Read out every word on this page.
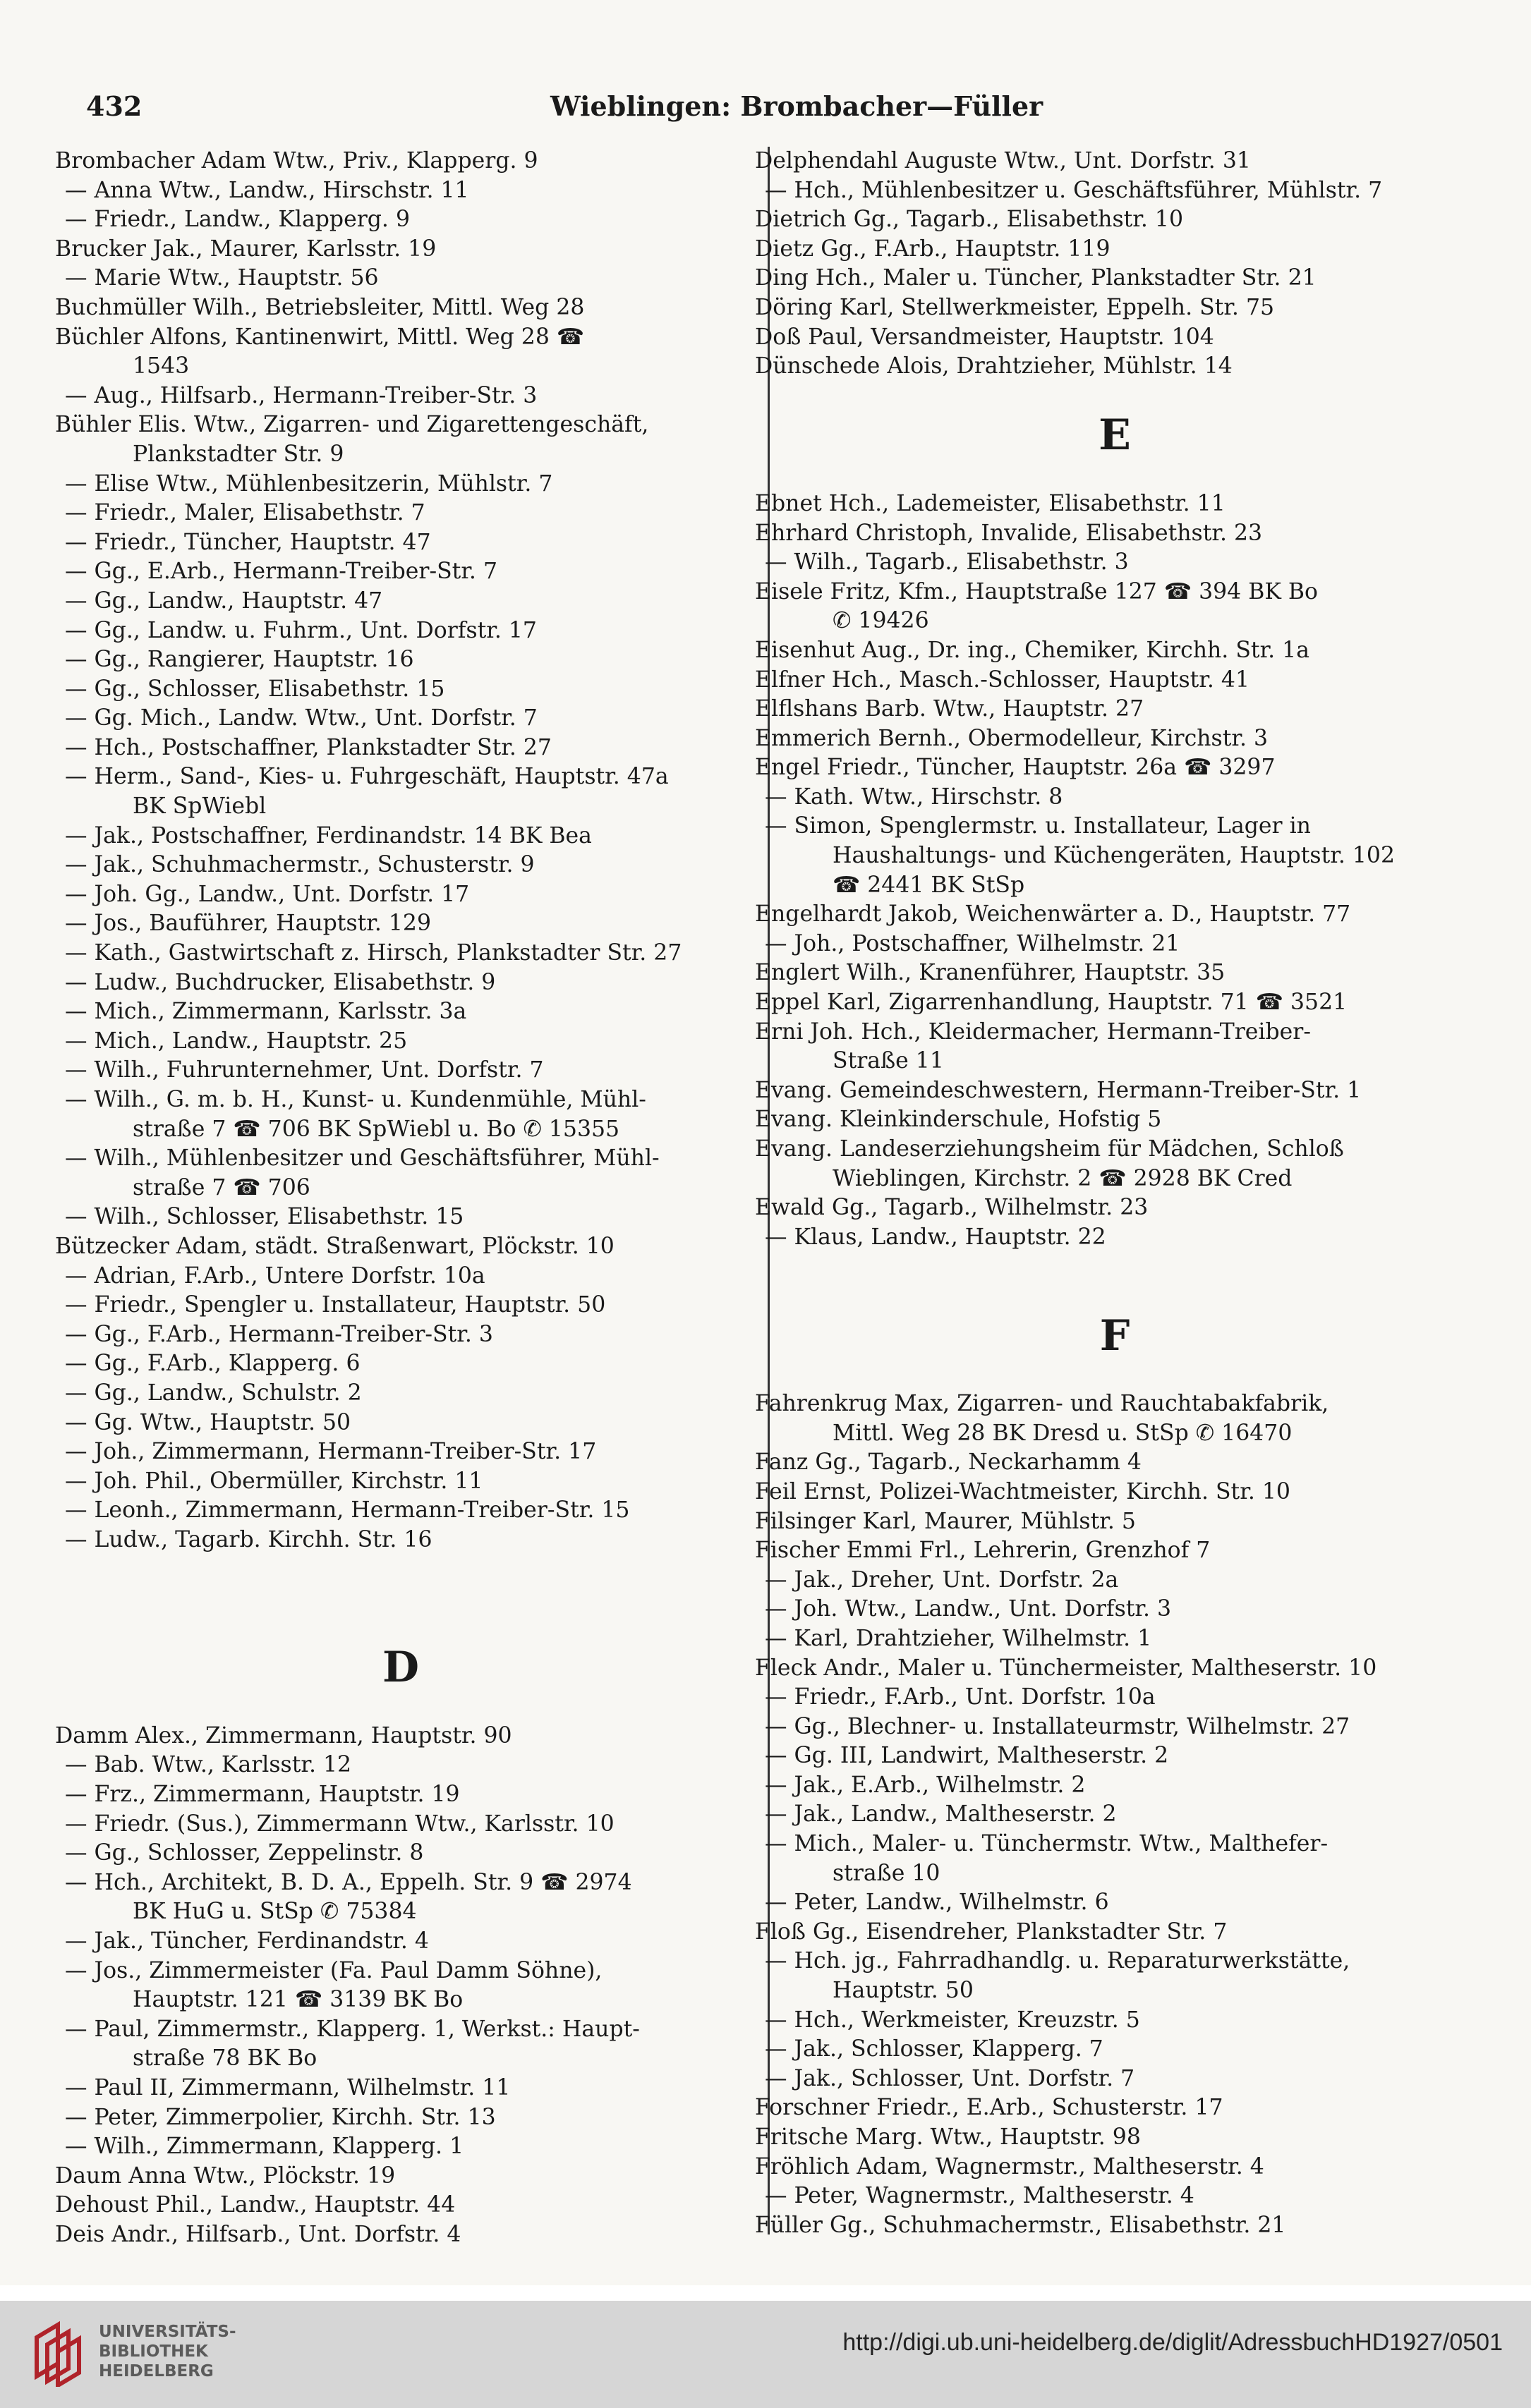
432	Wieblingen: Brombacher—Füller
Brombacher Adam Wtw., Priv., Klapperg. 9
— Anna Wtw., Landw., Hirschstr. 11
— Friedr., Landw., Klapperg. 9
Brucker Jak., Maurer, Karlsstr. 19
— Marie Wtw., Hauptstr. 56
Buchmüller Wilh., Betriebsleiter, Mittl. Weg 28
Büchler Alfons, Kantinenwirt, Mittl. Weg 28 ☎
1543
— Aug., Hilfsarb., Hermann-Treiber-Str. 3
Bühler Elis. Wtw., Zigarren- und Zigarettengeschäft,
Plankstadter Str. 9
— Elise Wtw., Mühlenbesitzerin, Mühlstr. 7
— Friedr., Maler, Elisabethstr. 7
— Friedr., Tüncher, Hauptstr. 47
— Gg., E.Arb., Hermann-Treiber-Str. 7
— Gg., Landw., Hauptstr. 47
— Gg., Landw. u. Fuhrm., Unt. Dorfstr. 17
— Gg., Rangierer, Hauptstr. 16
— Gg., Schlosser, Elisabethstr. 15
— Gg. Mich., Landw. Wtw., Unt. Dorfstr. 7
— Hch., Postschaffner, Plankstadter Str. 27
— Herm., Sand-, Kies- u. Fuhrgeschäft, Hauptstr. 47a
BK SpWiebl
— Jak., Postschaffner, Ferdinandstr. 14 BK Bea
— Jak., Schuhmachermstr., Schusterstr. 9
— Joh. Gg., Landw., Unt. Dorfstr. 17
— Jos., Bauführer, Hauptstr. 129
— Kath., Gastwirtschaft z. Hirsch, Plankstadter Str. 27
— Ludw., Buchdrucker, Elisabethstr. 9
— Mich., Zimmermann, Karlsstr. 3a
— Mich., Landw., Hauptstr. 25
— Wilh., Fuhrunternehmer, Unt. Dorfstr. 7
— Wilh., G. m. b. H., Kunst- u. Kundenmühle, Mühl-
straße 7 ☎ 706 BK SpWiebl u. Bo ✆ 15355
— Wilh., Mühlenbesitzer und Geschäftsführer, Mühl-
straße 7 ☎ 706
— Wilh., Schlosser, Elisabethstr. 15
Bützecker Adam, städt. Straßenwart, Plöckstr. 10
— Adrian, F.Arb., Untere Dorfstr. 10a
— Friedr., Spengler u. Installateur, Hauptstr. 50
— Gg., F.Arb., Hermann-Treiber-Str. 3
— Gg., F.Arb., Klapperg. 6
— Gg., Landw., Schulstr. 2
— Gg. Wtw., Hauptstr. 50
— Joh., Zimmermann, Hermann-Treiber-Str. 17
— Joh. Phil., Obermüller, Kirchstr. 11
— Leonh., Zimmermann, Hermann-Treiber-Str. 15
— Ludw., Tagarb. Kirchh. Str. 16
D
Damm Alex., Zimmermann, Hauptstr. 90
— Bab. Wtw., Karlsstr. 12
— Frz., Zimmermann, Hauptstr. 19
— Friedr. (Sus.), Zimmermann Wtw., Karlsstr. 10
— Gg., Schlosser, Zeppelinstr. 8
— Hch., Architekt, B. D. A., Eppelh. Str. 9 ☎ 2974
BK HuG u. StSp ✆ 75384
— Jak., Tüncher, Ferdinandstr. 4
— Jos., Zimmermeister (Fa. Paul Damm Söhne),
Hauptstr. 121 ☎ 3139 BK Bo
— Paul, Zimmermstr., Klapperg. 1, Werkst.: Haupt-
straße 78 BK Bo
— Paul II, Zimmermann, Wilhelmstr. 11
— Peter, Zimmerpolier, Kirchh. Str. 13
— Wilh., Zimmermann, Klapperg. 1
Daum Anna Wtw., Plöckstr. 19
Dehoust Phil., Landw., Hauptstr. 44
Deis Andr., Hilfsarb., Unt. Dorfstr. 4
Delphendahl Auguste Wtw., Unt. Dorfstr. 31
— Hch., Mühlenbesitzer u. Geschäftsführer, Mühlstr. 7
Dietrich Gg., Tagarb., Elisabethstr. 10
Dietz Gg., F.Arb., Hauptstr. 119
Ding Hch., Maler u. Tüncher, Plankstadter Str. 21
Döring Karl, Stellwerkmeister, Eppelh. Str. 75
Doß Paul, Versandmeister, Hauptstr. 104
Dünschede Alois, Drahtzieher, Mühlstr. 14
E
Ebnet Hch., Lademeister, Elisabethstr. 11
Ehrhard Christoph, Invalide, Elisabethstr. 23
— Wilh., Tagarb., Elisabethstr. 3
Eisele Fritz, Kfm., Hauptstraße 127 ☎ 394 BK Bo
✆ 19426
Eisenhut Aug., Dr. ing., Chemiker, Kirchh. Str. 1a
Elfner Hch., Masch.-Schlosser, Hauptstr. 41
Elflshans Barb. Wtw., Hauptstr. 27
Emmerich Bernh., Obermodelleur, Kirchstr. 3
Engel Friedr., Tüncher, Hauptstr. 26a ☎ 3297
— Kath. Wtw., Hirschstr. 8
— Simon, Spenglermstr. u. Installateur, Lager in
Haushaltungs- und Küchengeräten, Hauptstr. 102
☎ 2441 BK StSp
Engelhardt Jakob, Weichenwärter a. D., Hauptstr. 77
— Joh., Postschaffner, Wilhelmstr. 21
Englert Wilh., Kranenführer, Hauptstr. 35
Eppel Karl, Zigarrenhandlung, Hauptstr. 71 ☎ 3521
Erni Joh. Hch., Kleidermacher, Hermann-Treiber-
Straße 11
Evang. Gemeindeschwestern, Hermann-Treiber-Str. 1
Evang. Kleinkinderschule, Hofstig 5
Evang. Landeserziehungsheim für Mädchen, Schloß
Wieblingen, Kirchstr. 2 ☎ 2928 BK Cred
Ewald Gg., Tagarb., Wilhelmstr. 23
— Klaus, Landw., Hauptstr. 22
F
Fahrenkrug Max, Zigarren- und Rauchtabakfabrik,
Mittl. Weg 28 BK Dresd u. StSp ✆ 16470
Fanz Gg., Tagarb., Neckarhamm 4
Feil Ernst, Polizei-Wachtmeister, Kirchh. Str. 10
Filsinger Karl, Maurer, Mühlstr. 5
Fischer Emmi Frl., Lehrerin, Grenzhof 7
— Jak., Dreher, Unt. Dorfstr. 2a
— Joh. Wtw., Landw., Unt. Dorfstr. 3
— Karl, Drahtzieher, Wilhelmstr. 1
Fleck Andr., Maler u. Tünchermeister, Maltheserstr. 10
— Friedr., F.Arb., Unt. Dorfstr. 10a
— Gg., Blechner- u. Installateurmstr, Wilhelmstr. 27
— Gg. III, Landwirt, Maltheserstr. 2
— Jak., E.Arb., Wilhelmstr. 2
— Jak., Landw., Maltheserstr. 2
— Mich., Maler- u. Tünchermstr. Wtw., Malthefer-
straße 10
— Peter, Landw., Wilhelmstr. 6
Floß Gg., Eisendreher, Plankstadter Str. 7
— Hch. jg., Fahrradhandlg. u. Reparaturwerkstätte,
Hauptstr. 50
— Hch., Werkmeister, Kreuzstr. 5
— Jak., Schlosser, Klapperg. 7
— Jak., Schlosser, Unt. Dorfstr. 7
Forschner Friedr., E.Arb., Schusterstr. 17
Fritsche Marg. Wtw., Hauptstr. 98
Fröhlich Adam, Wagnermstr., Maltheserstr. 4
— Peter, Wagnermstr., Maltheserstr. 4
Füller Gg., Schuhmachermstr., Elisabethstr. 21
UNIVERSITÄTS-
BIBLIOTHEK
HEIDELBERG
http://digi.ub.uni-heidelberg.de/diglit/AdressbuchHD1927/0501
